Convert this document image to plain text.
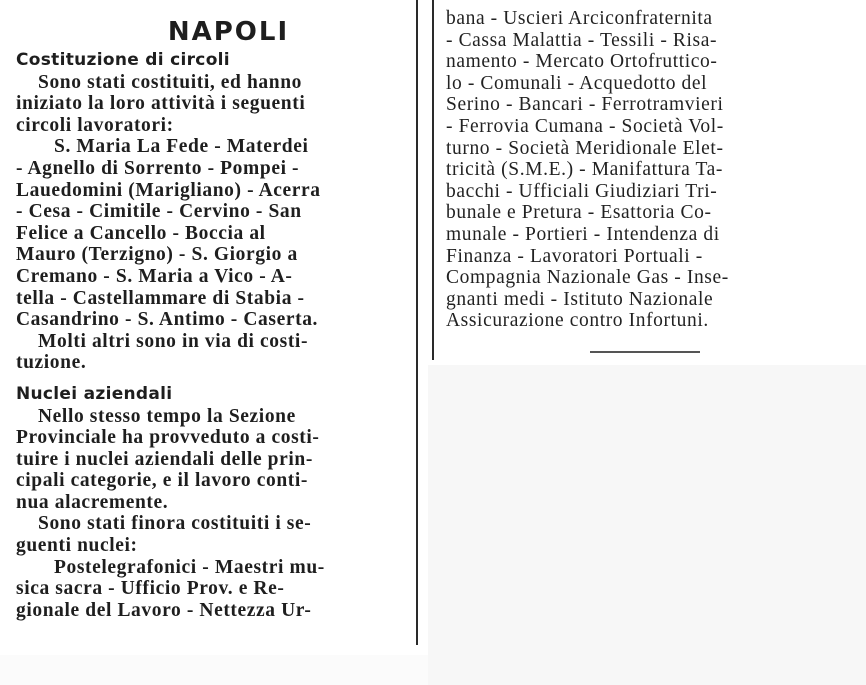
NAPOLI
Costituzione di circoli
Sono stati costituiti, ed hanno
iniziato la loro attività i seguenti
circoli lavoratori:
S. Maria La Fede - Materdei
- Agnello di Sorrento - Pompei -
Lauedomini (Marigliano) - Acerra
- Cesa - Cimitile - Cervino - San
Felice a Cancello - Boccia al
Mauro (Terzigno) - S. Giorgio a
Cremano - S. Maria a Vico - A-
tella - Castellammare di Stabia -
Casandrino - S. Antimo - Caserta.
Molti altri sono in via di costi-
tuzione.
Nuclei aziendali
Nello stesso tempo la Sezione
Provinciale ha provveduto a costi-
tuire i nuclei aziendali delle prin-
cipali categorie, e il lavoro conti-
nua alacremente.
Sono stati finora costituiti i se-
guenti nuclei:
Postelegrafonici - Maestri mu-
sica sacra - Ufficio Prov. e Re-
gionale del Lavoro - Nettezza Ur-
bana - Uscieri Arciconfraternita
- Cassa Malattia - Tessili - Risa-
namento - Mercato Ortofruttico-
lo - Comunali - Acquedotto del
Serino - Bancari - Ferrotramvieri
- Ferrovia Cumana - Società Vol-
turno - Società Meridionale Elet-
tricità (S.M.E.) - Manifattura Ta-
bacchi - Ufficiali Giudiziari Tri-
bunale e Pretura - Esattoria Co-
munale - Portieri - Intendenza di
Finanza - Lavoratori Portuali -
Compagnia Nazionale Gas - Inse-
gnanti medi - Istituto Nazionale
Assicurazione contro Infortuni.
